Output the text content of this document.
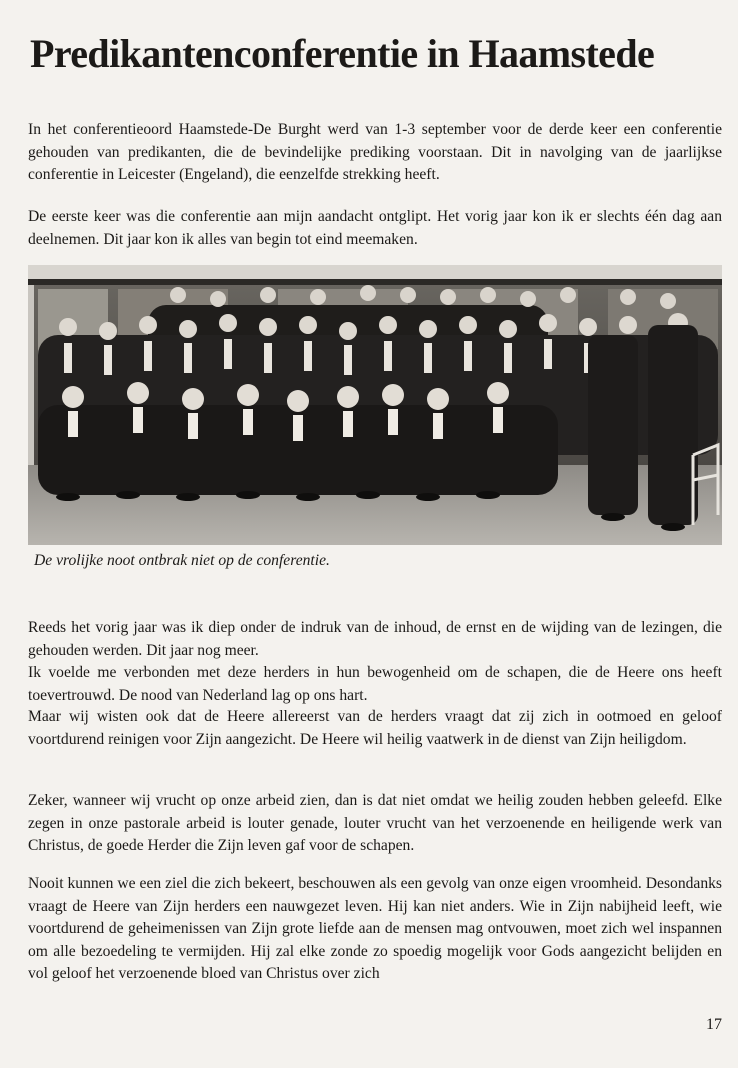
Predikantenconferentie in Haamstede

In het conferentieoord Haamstede-De Burght werd van 1-3 september voor de derde keer een conferentie gehouden van predikanten, die de bevindelijke prediking voorstaan. Dit in navolging van de jaarlijkse conferentie in Leicester (Engeland), die eenzelfde strekking heeft.

De eerste keer was die conferentie aan mijn aandacht ontglipt. Het vorig jaar kon ik er slechts één dag aan deelnemen. Dit jaar kon ik alles van begin tot eind meemaken.

De vrolijke noot ontbrak niet op de conferentie.

Reeds het vorig jaar was ik diep onder de indruk van de inhoud, de ernst en de wijding van de lezingen, die gehouden werden. Dit jaar nog meer.

Ik voelde me verbonden met deze herders in hun bewogenheid om de schapen, die de Heere ons heeft toevertrouwd. De nood van Nederland lag op ons hart.

Maar wij wisten ook dat de Heere allereerst van de herders vraagt dat zij zich in ootmoed en geloof voortdurend reinigen voor Zijn aangezicht. De Heere wil heilig vaatwerk in de dienst van Zijn heiligdom.

Zeker, wanneer wij vrucht op onze arbeid zien, dan is dat niet omdat we heilig zouden hebben geleefd. Elke zegen in onze pastorale arbeid is louter genade, louter vrucht van het verzoenende en heiligende werk van Christus, de goede Herder die Zijn leven gaf voor de schapen.

Nooit kunnen we een ziel die zich bekeert, beschouwen als een gevolg van onze eigen vroomheid. Desondanks vraagt de Heere van Zijn herders een nauwgezet leven. Hij kan niet anders. Wie in Zijn nabijheid leeft, wie voortdurend de geheimenissen van Zijn grote liefde aan de mensen mag ontvouwen, moet zich wel inspannen om alle bezoedeling te vermijden. Hij zal elke zonde zo spoedig mogelijk voor Gods aangezicht belijden en vol geloof het verzoenende bloed van Christus over zich

17
